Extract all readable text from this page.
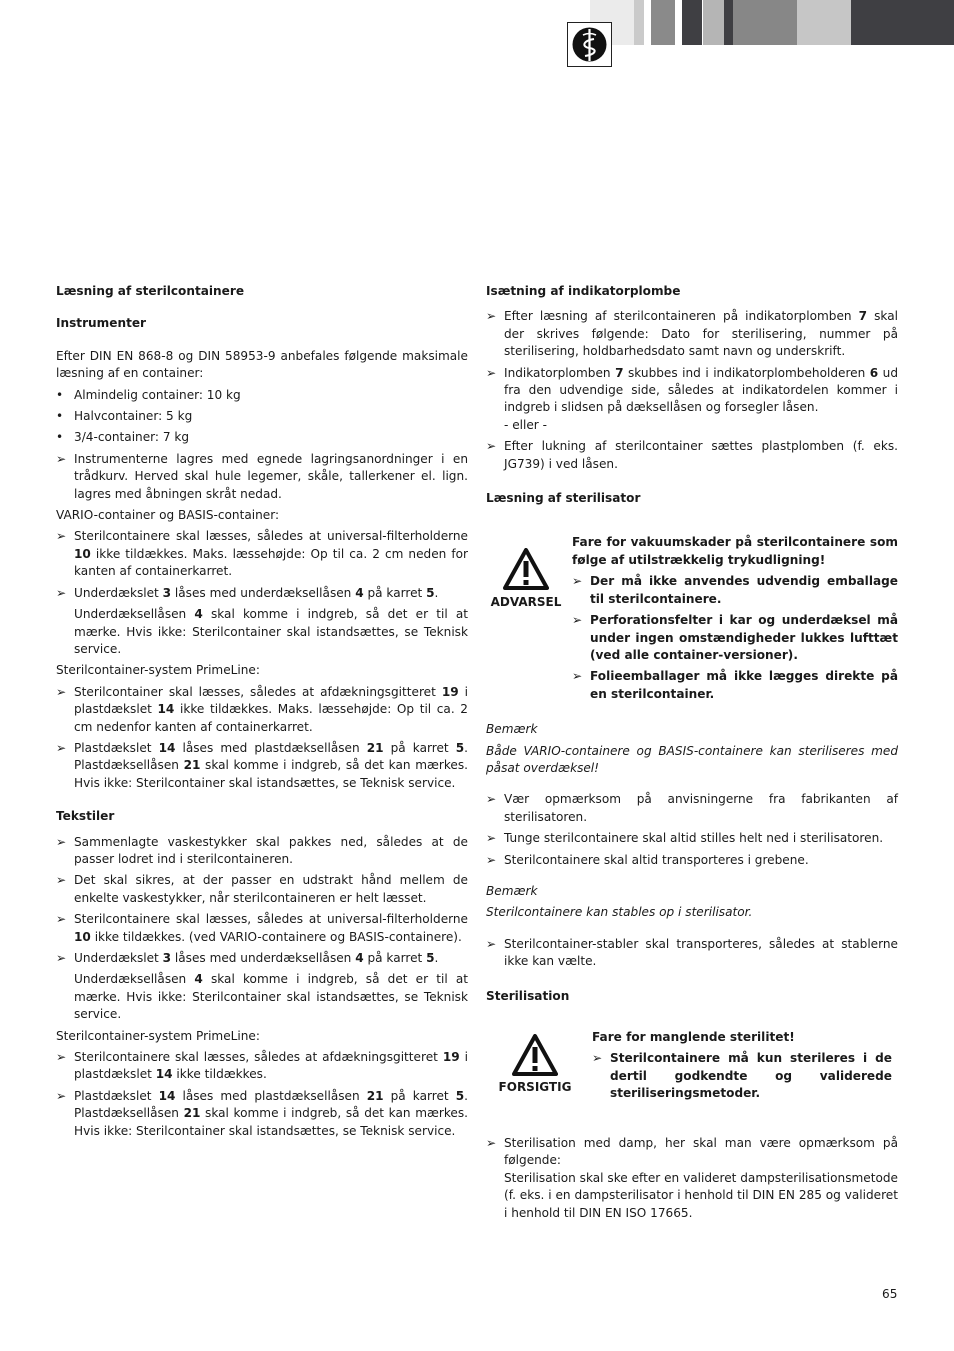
Læsning af sterilcontainere
Instrumenter

Efter DIN EN 868-8 og DIN 58953-9 anbefales følgende maksimale læsning af en container:

• Almindelig container: 10 kg
• Halvcontainer: 5 kg
• 3/4-container: 7 kg
➢ Instrumenterne lagres med egnede lagringsanordninger i en trådkurv. Herved skal hule legemer, skåle, tallerkener el. lign. lagres med åbningen skråt nedad.

VARIO-container og BASIS-container:

➢ Sterilcontainere skal læsses, således at universal-filterholderne 10 ikke tildækkes. Maks. læssehøjde: Op til ca. 2 cm neden for kanten af containerkarret.
➢ Underdækslet 3 låses med underdæksellåsen 4 på karret 5.
Underdæksellåsen 4 skal komme i indgreb, så det er til at mærke. Hvis ikke: Sterilcontainer skal istandsættes, se Teknisk service.

Sterilcontainer-system PrimeLine:

➢ Sterilcontainer skal læsses, således at afdækningsgitteret 19 i plastdækslet 14 ikke tildækkes. Maks. læssehøjde: Op til ca. 2 cm nedenfor kanten af containerkarret.
➢ Plastdækslet 14 låses med plastdæksellåsen 21 på karret 5. Plastdæksellåsen 21 skal komme i indgreb, så det kan mærkes. Hvis ikke: Sterilcontainer skal istandsættes, se Teknisk service.
Tekstiler
➢ Sammenlagte vaskestykker skal pakkes ned, således at de passer lodret ind i sterilcontaineren.
➢ Det skal sikres, at der passer en udstrakt hånd mellem de enkelte vaskestykker, når sterilcontaineren er helt læsset.
➢ Sterilcontainere skal læsses, således at universal-filterholderne 10 ikke tildækkes. (ved VARIO-containere og BASIS-containere).
➢ Underdækslet 3 låses med underdæksellåsen 4 på karret 5.
Underdæksellåsen 4 skal komme i indgreb, så det er til at mærke. Hvis ikke: Sterilcontainer skal istandsættes, se Teknisk service.

Sterilcontainer-system PrimeLine:

➢ Sterilcontainere skal læsses, således at afdækningsgitteret 19 i plastdækslet 14 ikke tildækkes.
➢ Plastdækslet 14 låses med plastdæksellåsen 21 på karret 5. Plastdæksellåsen 21 skal komme i indgreb, så det kan mærkes. Hvis ikke: Sterilcontainer skal istandsættes, se Teknisk service.
Isætning af indikatorplombe
➢ Efter læsning af sterilcontaineren på indikatorplomben 7 skal der skrives følgende: Dato for sterilisering, nummer på sterilisering, holdbarhedsdato samt navn og underskrift.
➢ Indikatorplomben 7 skubbes ind i indikatorplombeholderen 6 ud fra den udvendige side, således at indikatordelen kommer i indgreb i slidsen på dæksellåsen og forsegler låsen.
- eller -
➢ Efter lukning af sterilcontainer sættes plastplomben (f. eks. JG739) i ved låsen.
Læsning af sterilisator
ADVARSEL

Fare for vakuumskader på sterilcontainere som følge af utilstrækkelig trykudligning!

➢ Der må ikke anvendes udvendig emballage til sterilcontainere.
➢ Perforationsfelter i kar og underdæksel må under ingen omstændigheder lukkes lufttæt (ved alle container-versioner).
➢ Folieemballager må ikke lægges direkte på en sterilcontainer.

Bemærk

Både VARIO-containere og BASIS-containere kan steriliseres med påsat overdæksel!

➢ Vær opmærksom på anvisningerne fra fabrikanten af sterilisatoren.
➢ Tunge sterilcontainere skal altid stilles helt ned i sterilisatoren.
➢ Sterilcontainere skal altid transporteres i grebene.

Bemærk

Sterilcontainere kan stables op i sterilisator.

➢ Sterilcontainer-stabler skal transporteres, således at stablerne ikke kan vælte.
Sterilisation
FORSIGTIG

Fare for manglende sterilitet!

➢ Sterilcontainere må kun sterileres i de dertil godkendte og validerede steriliseringsmetoder.
➢ Sterilisation med damp, her skal man være opmærksom på følgende:
Sterilisation skal ske efter en valideret dampsterilisationsmetode (f. eks. i en dampsterilisator i henhold til DIN EN 285 og valideret i henhold til DIN EN ISO 17665.
65
